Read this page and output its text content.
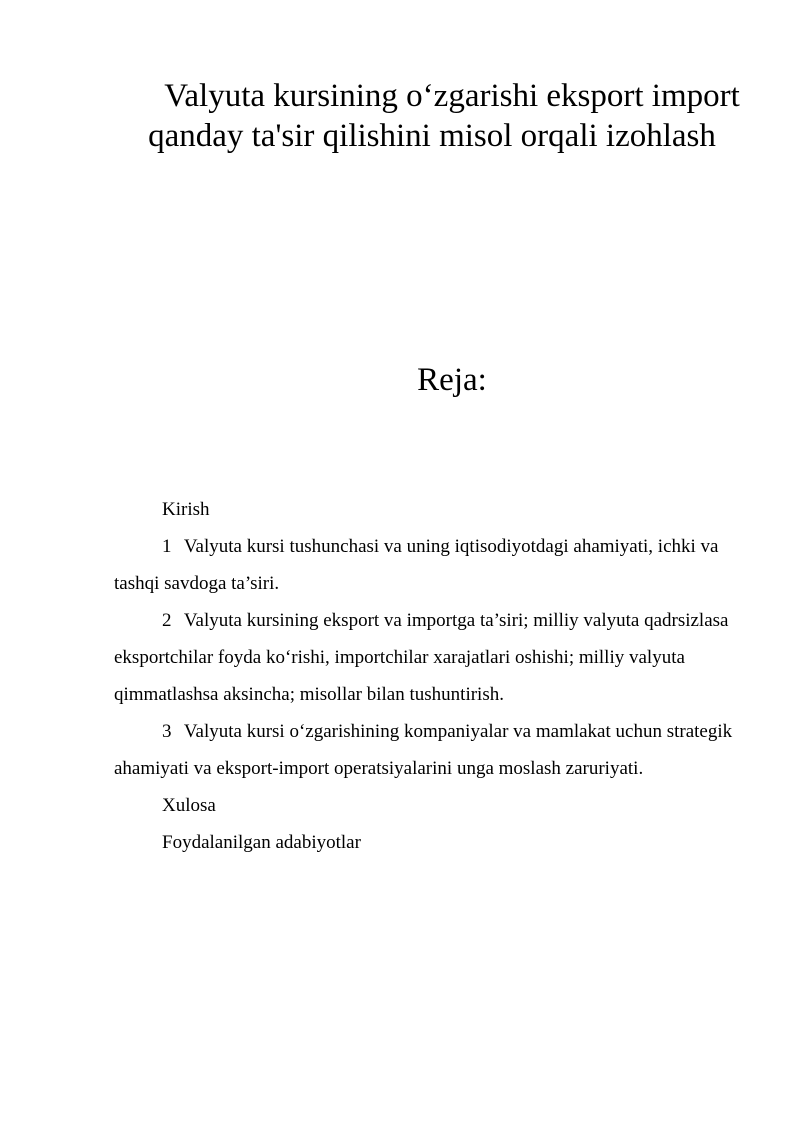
Valyuta kursining o‘zgarishi eksport import qanday ta'sir qilishini misol orqali izohlash
Reja:

Kirish

1 Valyuta kursi tushunchasi va uning iqtisodiyotdagi ahamiyati, ichki va tashqi savdoga ta’siri.

2 Valyuta kursining eksport va importga ta’siri; milliy valyuta qadrsizlasa eksportchilar foyda ko‘rishi, importchilar xarajatlari oshishi; milliy valyuta qimmatlashsa aksincha; misollar bilan tushuntirish.

3 Valyuta kursi o‘zgarishining kompaniyalar va mamlakat uchun strategik ahamiyati va eksport-import operatsiyalarini unga moslash zaruriyati.

Xulosa

Foydalanilgan adabiyotlar
